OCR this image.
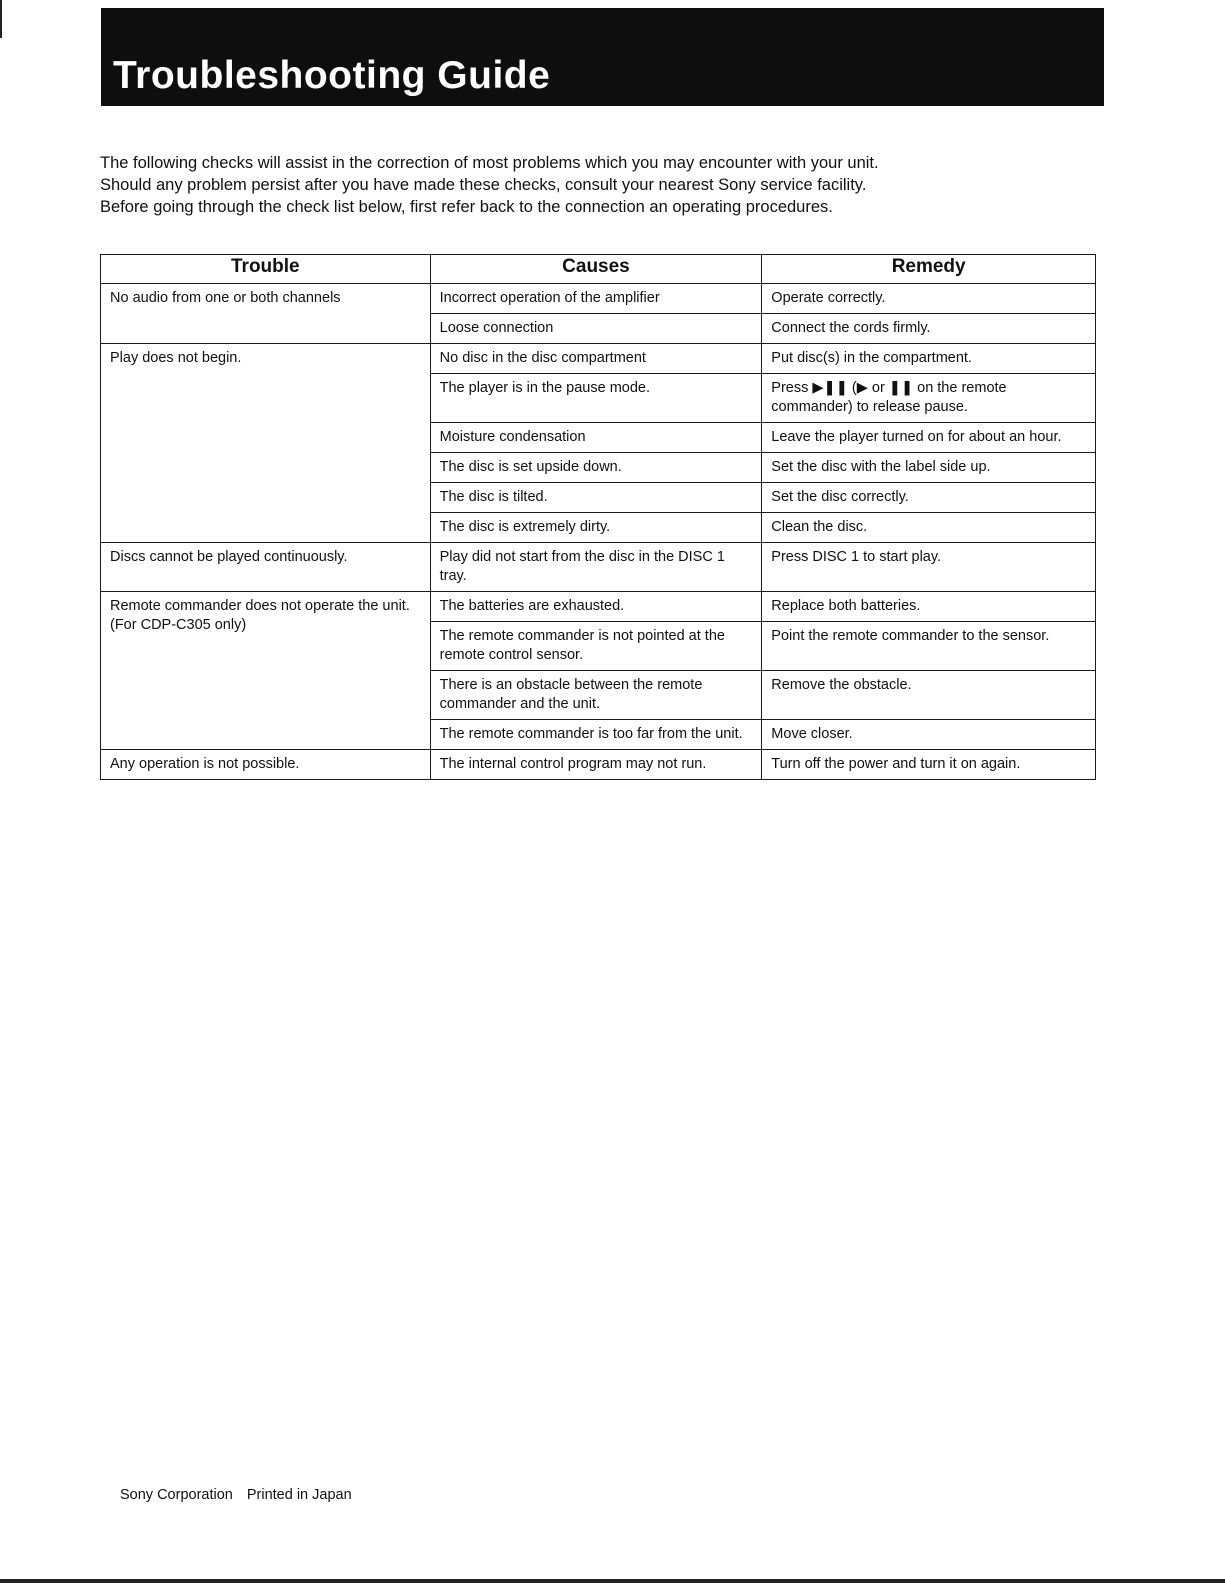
Troubleshooting Guide

The following checks will assist in the correction of most problems which you may encounter with your unit.

Should any problem persist after you have made these checks, consult your nearest Sony service facility.

Before going through the check list below, first refer back to the connection an operating procedures.

Trouble	Causes	Remedy

No audio from one or both channels	Incorrect operation of the amplifier	Operate correctly.
	Loose connection	Connect the cords firmly.

Play does not begin.	No disc in the disc compartment	Put disc(s) in the compartment.
	The player is in the pause mode.	Press ▶❚❚ (▶ or ❚❚ on the remote commander) to release pause.
	Moisture condensation	Leave the player turned on for about an hour.
	The disc is set upside down.	Set the disc with the label side up.
	The disc is tilted.	Set the disc correctly.
	The disc is extremely dirty.	Clean the disc.

Discs cannot be played continuously.	Play did not start from the disc in the DISC 1 tray.	Press DISC 1 to start play.

Remote commander does not operate the unit.
(For CDP-C305 only)	The batteries are exhausted.	Replace both batteries.
	The remote commander is not pointed at the remote control sensor.	Point the remote commander to the sensor.
	There is an obstacle between the remote commander and the unit.	Remove the obstacle.
	The remote commander is too far from the unit.	Move closer.

Any operation is not possible.	The internal control program may not run.	Turn off the power and turn it on again.
Sony Corporation Printed in Japan
